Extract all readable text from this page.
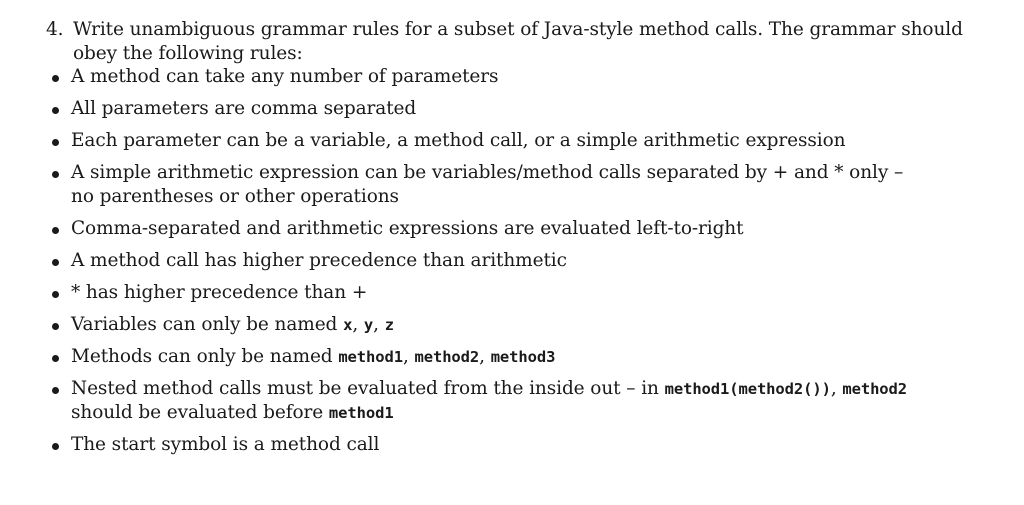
4. Write unambiguous grammar rules for a subset of Java-style method calls. The grammar should obey the following rules:
A method can take any number of parameters
All parameters are comma separated
Each parameter can be a variable, a method call, or a simple arithmetic expression
A simple arithmetic expression can be variables/method calls separated by + and * only – no parentheses or other operations
Comma-separated and arithmetic expressions are evaluated left-to-right
A method call has higher precedence than arithmetic
* has higher precedence than +
Variables can only be named x, y, z
Methods can only be named method1, method2, method3
Nested method calls must be evaluated from the inside out – in method1(method2()), method2 should be evaluated before method1
The start symbol is a method call
